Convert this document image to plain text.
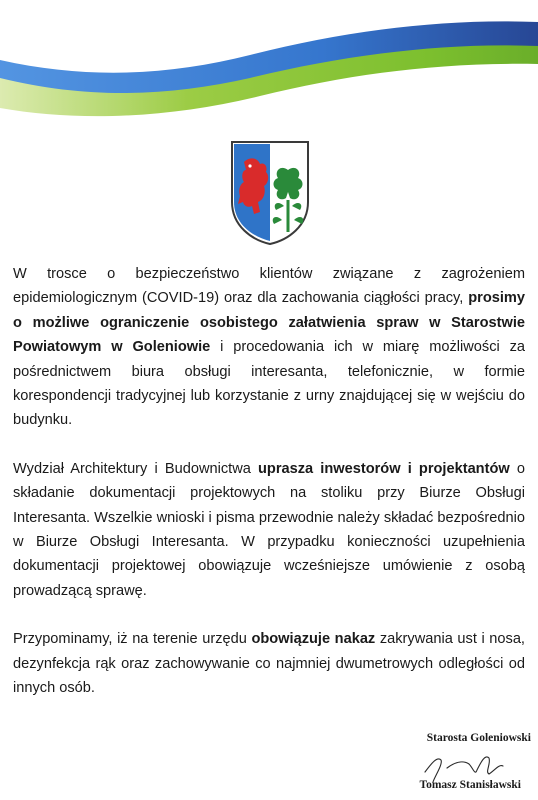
W trosce o bezpieczeństwo klientów związane z zagrożeniem epidemiologicznym (COVID-19) oraz dla zachowania ciągłości pracy, prosimy o możliwe ograniczenie osobistego załatwienia spraw w Starostwie Powiatowym w Goleniowie i procedowania ich w miarę możliwości za pośrednictwem biura obsługi interesanta, telefonicznie, w formie korespondencji tradycyjnej lub korzystanie z urny znajdującej się w wejściu do budynku.

Wydział Architektury i Budownictwa uprasza inwestorów i projektantów o składanie dokumentacji projektowych na stoliku przy Biurze Obsługi Interesanta. Wszelkie wnioski i pisma przewodnie należy składać bezpośrednio w Biurze Obsługi Interesanta. W przypadku konieczności uzupełnienia dokumentacji projektowej obowiązuje wcześniejsze umówienie z osobą prowadzącą sprawę.

Przypominamy, iż na terenie urzędu obowiązuje nakaz zakrywania ust i nosa, dezynfekcja rąk oraz zachowywanie co najmniej dwumetrowych odległości od innych osób.

Starosta Goleniowski
Tomasz Stanisławski
